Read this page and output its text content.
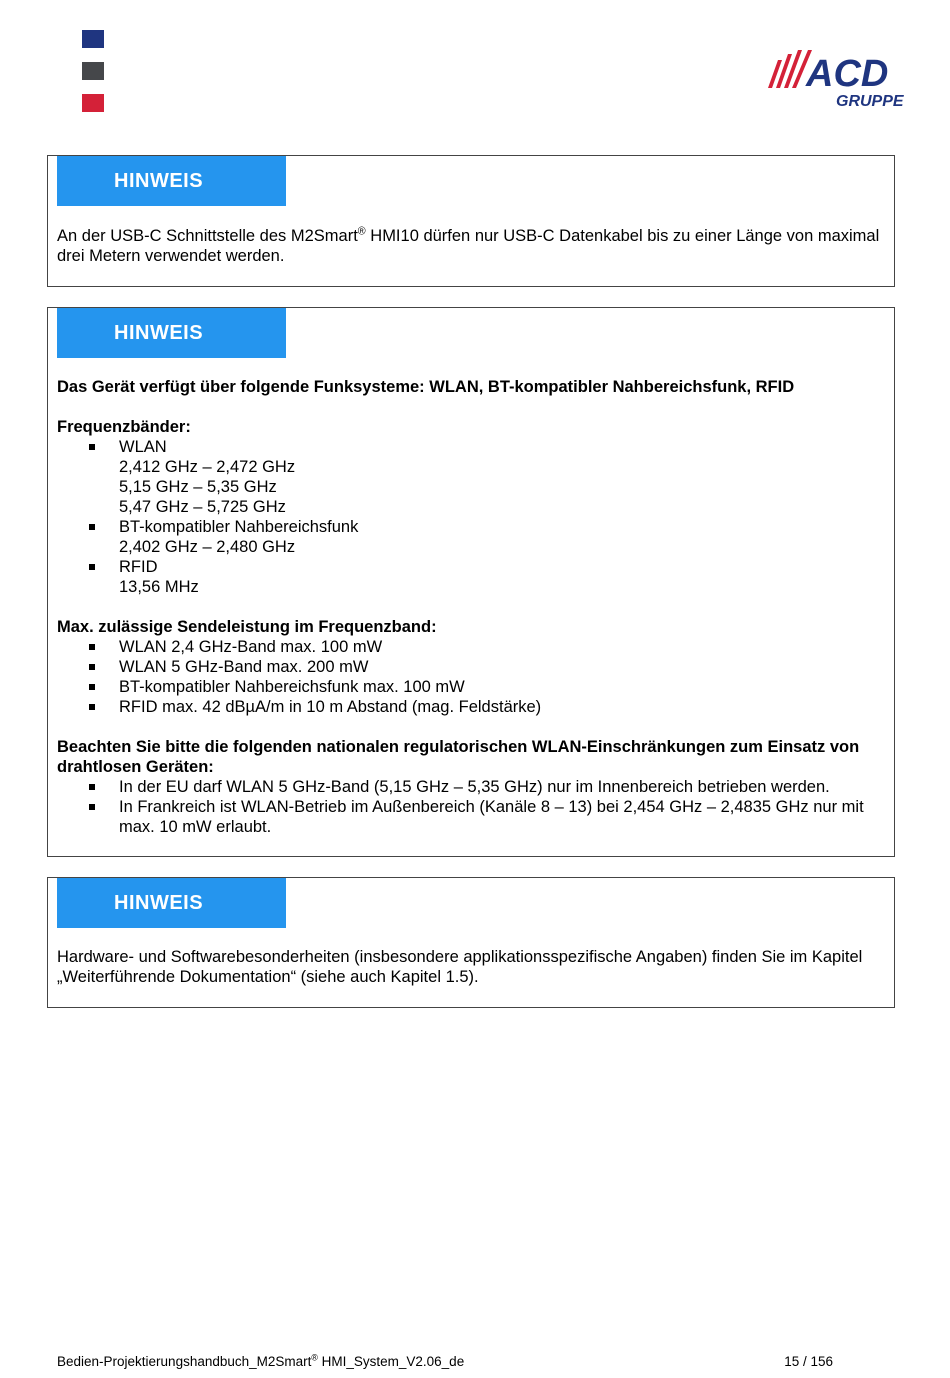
ACD
GRUPPE
HINWEIS

An der USB-C Schnittstelle des M2Smart® HMI10 dürfen nur USB-C Datenkabel bis zu einer Länge von maximal drei Metern verwendet werden.

HINWEIS

Das Gerät verfügt über folgende Funksysteme: WLAN, BT-kompatibler Nahbereichsfunk, RFID

Frequenzbänder:

WLAN

2,412 GHz – 2,472 GHz

5,15 GHz – 5,35 GHz

5,47 GHz – 5,725 GHz

BT-kompatibler Nahbereichsfunk

2,402 GHz – 2,480 GHz

RFID

13,56 MHz

Max. zulässige Sendeleistung im Frequenzband:

WLAN 2,4 GHz-Band max. 100 mW
WLAN 5 GHz-Band max. 200 mW
BT-kompatibler Nahbereichsfunk max. 100 mW
RFID max. 42 dBµA/m in 10 m Abstand (mag. Feldstärke)

Beachten Sie bitte die folgenden nationalen regulatorischen WLAN-Einschränkungen zum Einsatz von drahtlosen Geräten:

In der EU darf WLAN 5 GHz-Band (5,15 GHz – 5,35 GHz) nur im Innenbereich betrieben werden.
In Frankreich ist WLAN-Betrieb im Außenbereich (Kanäle 8 – 13) bei 2,454 GHz – 2,4835 GHz nur mit max. 10 mW erlaubt.
HINWEIS

Hardware- und Softwarebesonderheiten (insbesondere applikationsspezifische Angaben) finden Sie im Kapitel „Weiterführende Dokumentation“ (siehe auch Kapitel 1.5).

Bedien-Projektierungshandbuch_M2Smart® HMI_System_V2.06_de	15 / 156
